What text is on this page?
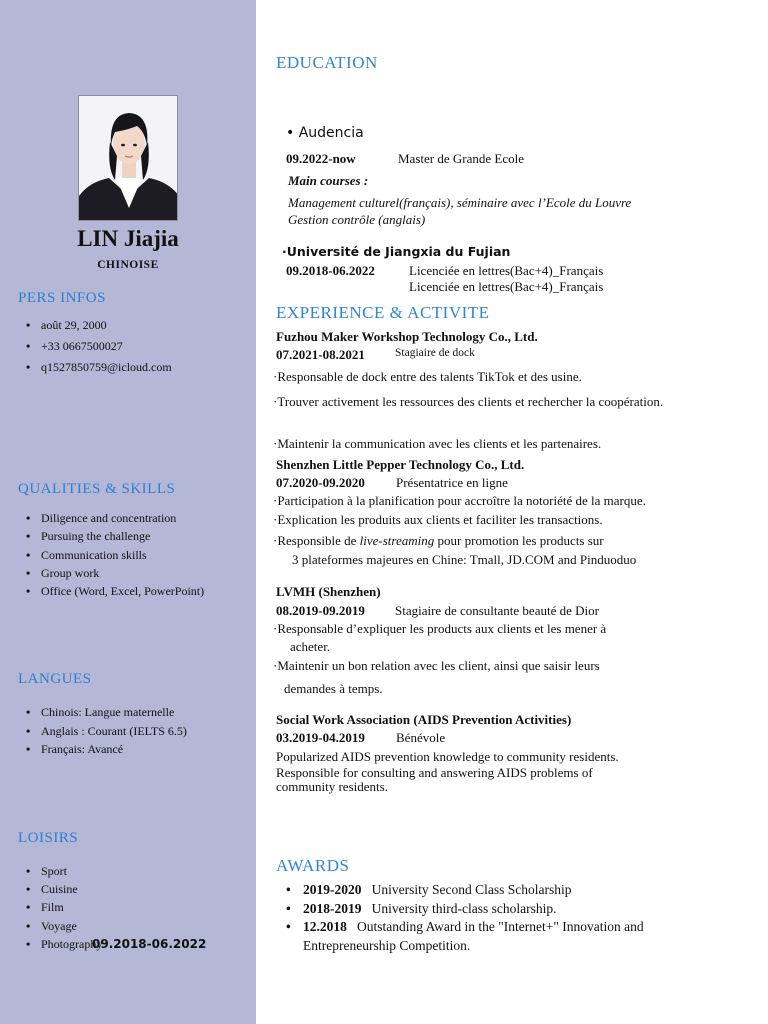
LIN Jiajia
CHINOISE
PERS INFOS
• août 29, 2000
• +33 0667500027
• q1527850759@icloud.com
QUALITIES & SKILLS
• Diligence and concentration
• Pursuing the challenge
• Communication skills
• Group work
• Office (Word, Excel, PowerPoint)
LANGUES
• Chinois: Langue maternelle
• Anglais : Courant (IELTS 6.5)
• Français: Avancé
LOISIRS
• Sport
• Cuisine
• Film
• Voyage
• Photography
09.2018-06.2022
EDUCATION
• Audencia
09.2022-now	Master de Grande Ecole
Main courses :
Management culturel(français), séminaire avec l’Ecole du Louvre
Gestion contrôle (anglais)
·Université de Jiangxia du Fujian
09.2018-06.2022	Licenciée en lettres(Bac+4)_Français
Licenciée en lettres(Bac+4)_Français
EXPERIENCE & ACTIVITE
Fuzhou Maker Workshop Technology Co., Ltd.
07.2021-08.2021	Stagiaire de dock
·Responsable de dock entre des talents TikTok et des usine.
·Trouver activement les ressources des clients et rechercher la coopération.
·Maintenir la communication avec les clients et les partenaires.
Shenzhen Little Pepper Technology Co., Ltd.
07.2020-09.2020 Présentatrice en ligne
·Participation à la planification pour accroître la notoriété de la marque.
·Explication les produits aux clients et faciliter les transactions.
·Responsible de live-streaming pour promotion les products sur
3 plateformes majeures en Chine: Tmall, JD.COM and Pinduoduo
LVMH (Shenzhen)
08.2019-09.2019 Stagiaire de consultante beauté de Dior
·Responsable d’expliquer les products aux clients et les mener à
acheter.
·Maintenir un bon relation avec les client, ainsi que saisir leurs
demandes à temps.
Social Work Association (AIDS Prevention Activities)
03.2019-04.2019 Bénévole
Popularized AIDS prevention knowledge to community residents.
Responsible for consulting and answering AIDS problems of
community residents.
AWARDS
• 2019-2020 University Second Class Scholarship
• 2018-2019 University third-class scholarship.
• 12.2018 Outstanding Award in the "Internet+" Innovation and
Entrepreneurship Competition.
